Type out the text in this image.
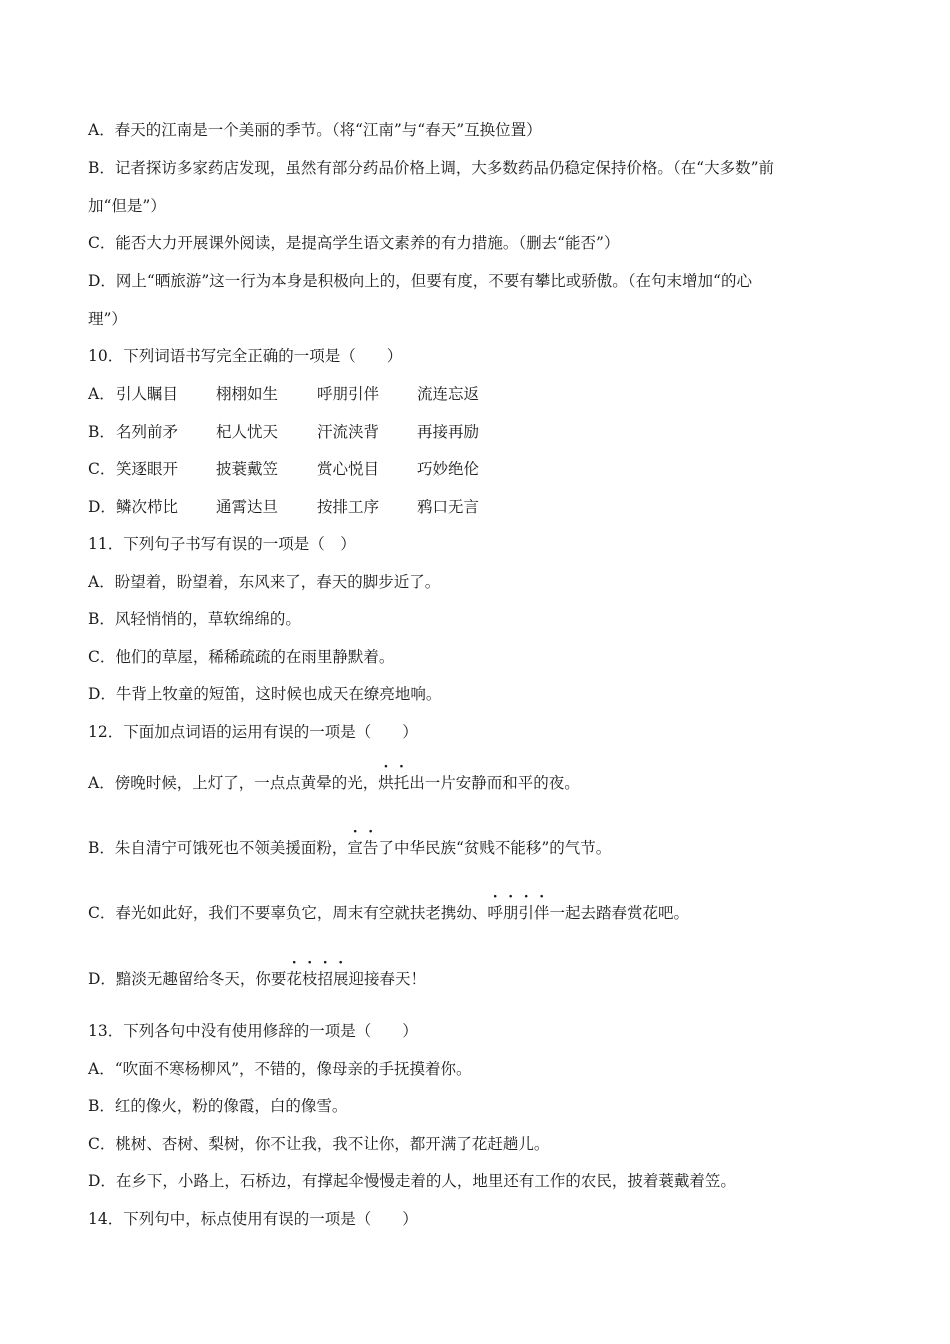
A．春天的江南是一个美丽的季节。（将“江南”与“春天”互换位置）
B．记者探访多家药店发现，虽然有部分药品价格上调，大多数药品仍稳定保持价格。（在“大多数”前
加“但是”）
C．能否大力开展课外阅读，是提高学生语文素养的有力措施。（删去“能否”）
D．网上“晒旅游”这一行为本身是积极向上的，但要有度，不要有攀比或骄傲。（在句末增加“的心
理”）
10．下列词语书写完全正确的一项是（　　）
A． 引人瞩目 栩栩如生	呼朋引伴 流连忘返
B． 名列前矛 杞人忧天	汗流浃背 再接再励
C． 笑逐眼开 披蓑戴笠	赏心悦目 巧妙绝伦
D． 鳞次栉比 通霄达旦	按排工序 鸦口无言
11．下列句子书写有误的一项是（　）
A．盼望着，盼望着，东风来了，春天的脚步近了。
B．风轻悄悄的，草软绵绵的。
C．他们的草屋，稀稀疏疏的在雨里静默着。
D．牛背上牧童的短笛，这时候也成天在缭亮地响。
12．下面加点词语的运用有误的一项是（　　）
A．傍晚时候，上灯了，一点点黄晕的光，烘托出一片安静而和平的夜。
B．朱自清宁可饿死也不领美援面粉，宣告了中华民族“贫贱不能移”的气节。
C．春光如此好，我们不要辜负它，周末有空就扶老携幼、呼朋引伴一起去踏春赏花吧。
D．黯淡无趣留给冬天，你要花枝招展迎接春天！
13．下列各句中没有使用修辞的一项是（　　）
A．“吹面不寒杨柳风”，不错的，像母亲的手抚摸着你。
B．红的像火，粉的像霞，白的像雪。
C．桃树、杏树、梨树，你不让我，我不让你，都开满了花赶趟儿。
D．在乡下，小路上，石桥边，有撑起伞慢慢走着的人，地里还有工作的农民，披着蓑戴着笠。
14．下列句中，标点使用有误的一项是（　　）
